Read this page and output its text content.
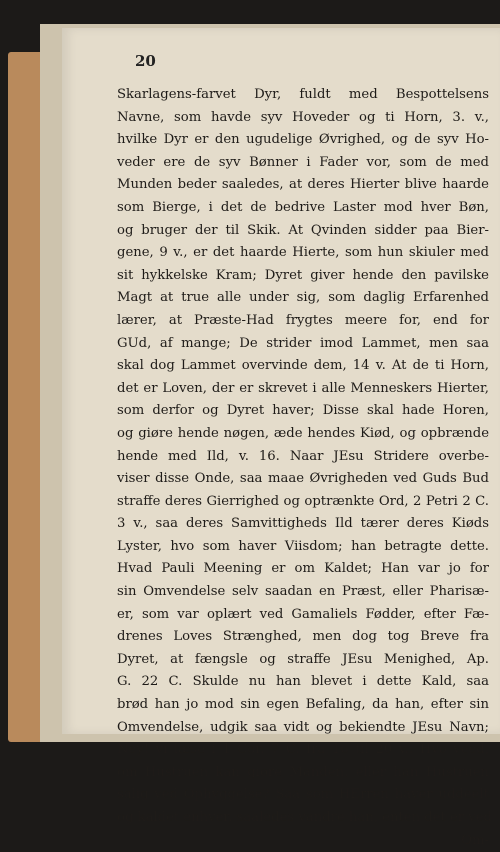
20
Skarlagens-farvet Dyr, fuldt med Bespottelsens
Navne, som havde syv Hoveder og ti Horn, 3. v.,
hvilke Dyr er den ugudelige Øvrighed, og de syv Ho-
veder ere de syv Bønner i Fader vor, som de med
Munden beder saaledes, at deres Hierter blive haarde
som Bierge, i det de bedrive Laster mod hver Bøn,
og bruger der til Skik. At Qvinden sidder paa Bier-
gene, 9 v., er det haarde Hierte, som hun skiuler med
sit hykkelske Kram; Dyret giver hende den pavilske
Magt at true alle under sig, som daglig Erfarenhed
lærer, at Præste-Had frygtes meere for, end for
GUd, af mange; De strider imod Lammet, men saa
skal dog Lammet overvinde dem, 14 v. At de ti Horn,
det er Loven, der er skrevet i alle Menneskers Hierter,
som derfor og Dyret haver; Disse skal hade Horen,
og giøre hende nøgen, æde hendes Kiød, og opbrænde
hende med Ild, v. 16. Naar JEsu Stridere overbe-
viser disse Onde, saa maae Øvrigheden ved Guds Bud
straffe deres Gierrighed og optrænkte Ord, 2 Petri 2 C.
3 v., saa deres Samvittigheds Ild tærer deres Kiøds
Lyster, hvo som haver Viisdom; han betragte dette.
Hvad Pauli Meening er om Kaldet; Han var jo for
sin Omvendelse selv saadan en Præst, eller Pharisæ-
er, som var oplært ved Gamaliels Fødder, efter Fæ-
drenes Loves Strænghed, men dog tog Breve fra
Dyret, at fængsle og straffe JEsu Menighed, Ap.
G. 22 C. Skulde nu han blevet i dette Kald, saa
brød han jo mod sin egen Befaling, da han, efter sin
Omvendelse, udgik saa vidt og bekiendte JEsu Navn;
Ney! vi læse i 1 Cor. 7 C. fra 16 til 20 v.: Hvo veed,
om Hustruen kan giøre Manden, eller han Hustruen
salig ved Ophyggelse? Saa som HErren haver uddeelt
og kaldet enhver, saaledes vandre han, enten det er ved
Om-
